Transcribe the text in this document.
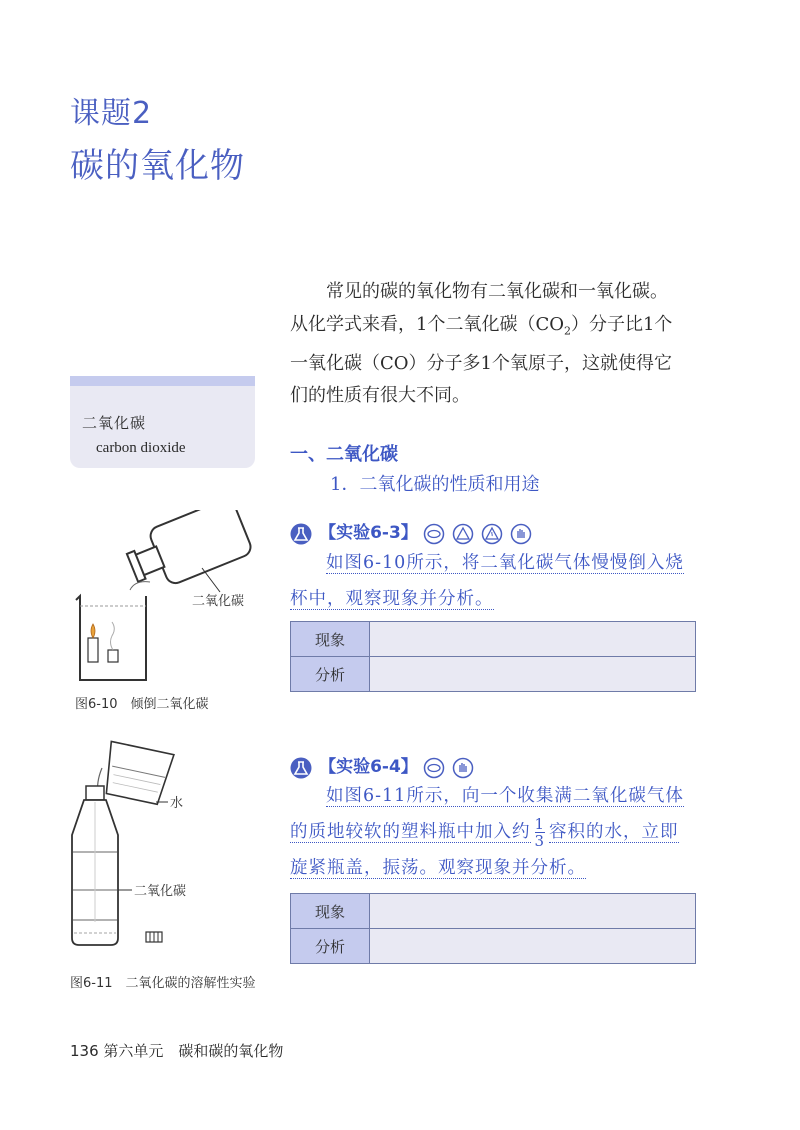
课题2
碳的氧化物

常见的碳的氧化物有二氧化碳和一氧化碳。

从化学式来看，1个二氧化碳$(CO_2)$分子比1个
一氧化碳（CO）分子多1个氧原子，这就使得它
们的性质有很大不同。
二氧化碳
carbon dioxide	一、二氧化碳
1．二氧化碳的性质和用途
【实验6-3】
如图6-10所示，将二氧化碳气体慢慢倒入烧
杯中，观察现象并分析。
现象	
分析	
【实验6-4】
如图6-11所示，向一个收集满二氧化碳气体
的质地较软的塑料瓶中加入约 $\frac{1}{3}$ 容积的水，立即
旋紧瓶盖，振荡。观察现象并分析。
现象	
分析	
二氧化碳
图6-10　倾倒二氧化碳
水
二氧化碳
图6-11　二氧化碳的溶解性实验
136 第六单元　碳和碳的氧化物
